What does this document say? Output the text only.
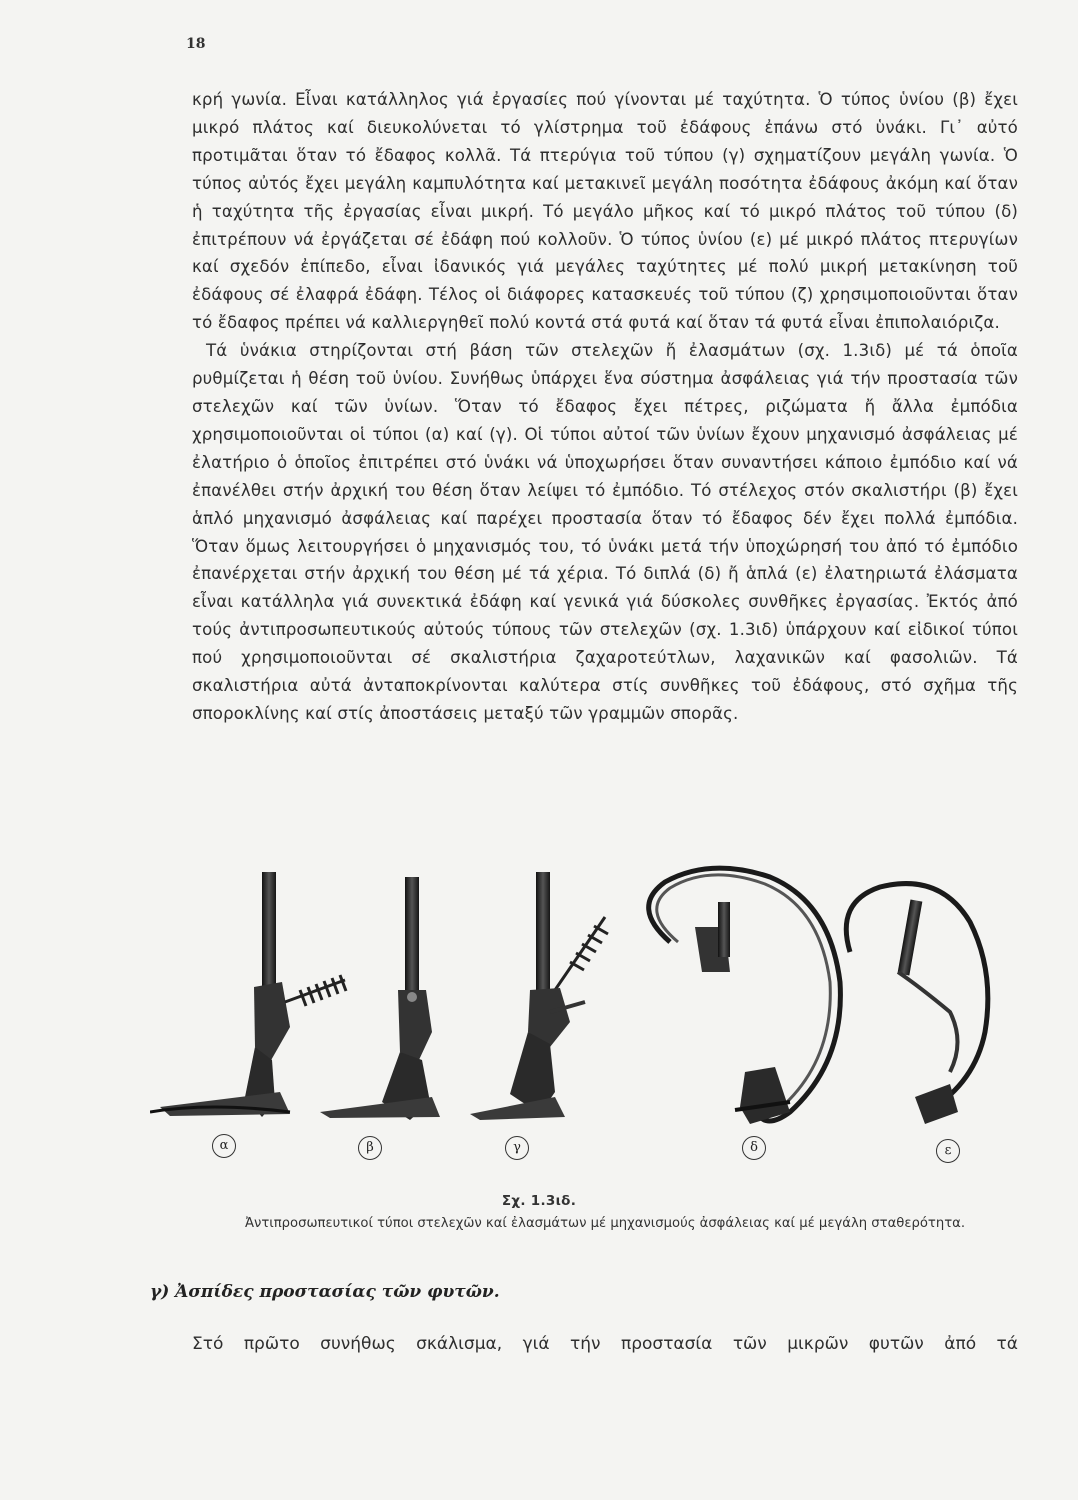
18

κρή γωνία. Εἶναι κατάλληλος γιά ἐργασίες πού γίνονται μέ ταχύτητα. Ὁ τύπος ὑνίου (β) ἔχει μικρό πλάτος καί διευκολύνεται τό γλίστρημα τοῦ ἐδάφους ἐπάνω στό ὑνάκι. Γι᾽ αὐτό προτιμᾶται ὅταν τό ἔδαφος κολλᾶ. Τά πτερύγια τοῦ τύπου (γ) σχηματίζουν μεγάλη γωνία. Ὁ τύπος αὐτός ἔχει μεγάλη καμπυλότητα καί μετακινεῖ μεγάλη ποσότητα ἐδάφους ἀκόμη καί ὅταν ἡ ταχύτητα τῆς ἐργασίας εἶναι μικρή. Τό μεγάλο μῆκος καί τό μικρό πλάτος τοῦ τύπου (δ) ἐπιτρέπουν νά ἐργάζεται σέ ἐδάφη πού κολλοῦν. Ὁ τύπος ὑνίου (ε) μέ μικρό πλάτος πτερυγίων καί σχεδόν ἐπίπεδο, εἶναι ἰδανικός γιά μεγάλες ταχύτητες μέ πολύ μικρή μετακίνηση τοῦ ἐδάφους σέ ἐλαφρά ἐδάφη. Τέλος οἱ διάφορες κατασκευές τοῦ τύπου (ζ) χρησιμοποιοῦνται ὅταν τό ἔδαφος πρέπει νά καλλιεργηθεῖ πολύ κοντά στά φυτά καί ὅταν τά φυτά εἶναι ἐπιπολαιόριζα.

Τά ὑνάκια στηρίζονται στή βάση τῶν στελεχῶν ἤ ἐλασμάτων (σχ. 1.3ιδ) μέ τά ὁποῖα ρυθμίζεται ἡ θέση τοῦ ὑνίου. Συνήθως ὑπάρχει ἕνα σύστημα ἀσφάλειας γιά τήν προστασία τῶν στελεχῶν καί τῶν ὑνίων. Ὅταν τό ἔδαφος ἔχει πέτρες, ριζώματα ἤ ἄλλα ἐμπόδια χρησιμοποιοῦνται οἱ τύποι (α) καί (γ). Οἱ τύποι αὐτοί τῶν ὑνίων ἔχουν μηχανισμό ἀσφάλειας μέ ἐλατήριο ὁ ὁποῖος ἐπιτρέπει στό ὑνάκι νά ὑποχωρήσει ὅταν συναντήσει κάποιο ἐμπόδιο καί νά ἐπανέλθει στήν ἀρχική του θέση ὅταν λείψει τό ἐμπόδιο. Τό στέλεχος στόν σκαλιστήρι (β) ἔχει ἁπλό μηχανισμό ἀσφάλειας καί παρέχει προστασία ὅταν τό ἔδαφος δέν ἔχει πολλά ἐμπόδια. Ὅταν ὅμως λειτουργήσει ὁ μηχανισμός του, τό ὑνάκι μετά τήν ὑποχώρησή του ἀπό τό ἐμπόδιο ἐπανέρχεται στήν ἀρχική του θέση μέ τά χέρια. Τό διπλά (δ) ἤ ἁπλά (ε) ἐλατηριωτά ἐλάσματα εἶναι κατάλληλα γιά συνεκτικά ἐδάφη καί γενικά γιά δύσκολες συνθῆκες ἐργασίας. Ἐκτός ἀπό τούς ἀντιπροσωπευτικούς αὐτούς τύπους τῶν στελεχῶν (σχ. 1.3ιδ) ὑπάρχουν καί εἰδικοί τύποι πού χρησιμοποιοῦνται σέ σκαλιστήρια ζαχαροτεύτλων, λαχανικῶν καί φασολιῶν. Τά σκαλιστήρια αὐτά ἀνταποκρίνονται καλύτερα στίς συνθῆκες τοῦ ἐδάφους, στό σχῆμα τῆς σπορoκλίνης καί στίς ἀποστάσεις μεταξύ τῶν γραμμῶν σπορᾶς.

α	β	γ	δ	ε
Σχ. 1.3ιδ.
Ἀντιπροσωπευτικοί τύποι στελεχῶν καί ἐλασμάτων μέ μηχανισμούς ἀσφάλειας καί μέ μεγάλη σταθερότητα.
γ) Ἀσπίδες προστασίας τῶν φυτῶν.
Στό πρῶτο συνήθως σκάλισμα, γιά τήν προστασία τῶν μικρῶν φυτῶν ἀπό τά
